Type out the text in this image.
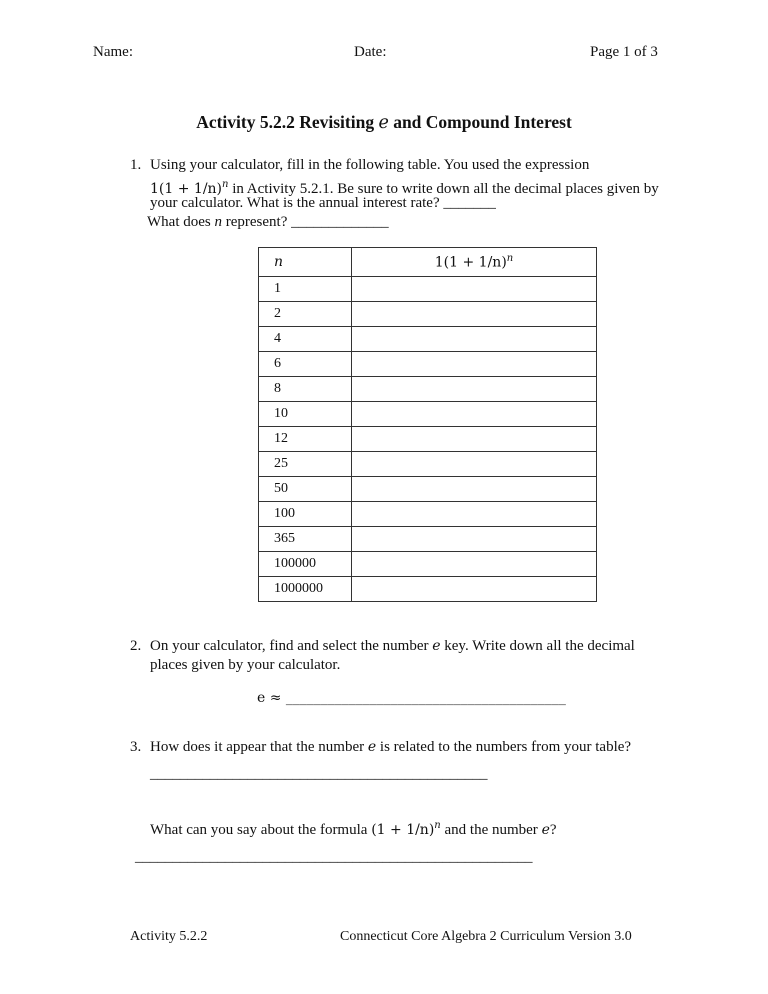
Name:	Date:	Page 1 of 3
Activity 5.2.2 Revisiting e and Compound Interest
1. Using your calculator, fill in the following table. You used the expression
$1(1 + 1/n)^n$ in Activity 5.2.1. Be sure to write down all the decimal places given by
your calculator. What is the annual interest rate? _______
What does n represent? _____________
n	$1(1 + 1/n)^n$
1	
2	
4	
6	
8	
10	
12	
25	
50	
100	
365	
100000	
1000000	
2. On your calculator, find and select the number e key. Write down all the decimal
places given by your calculator.
e ≈ ________________________________________
3. How does it appear that the number e is related to the numbers from your table?
_____________________________________________
What can you say about the formula $(1 + 1/n)^n$ and the number e?
_____________________________________________________
Activity 5.2.2	Connecticut Core Algebra 2 Curriculum Version 3.0
